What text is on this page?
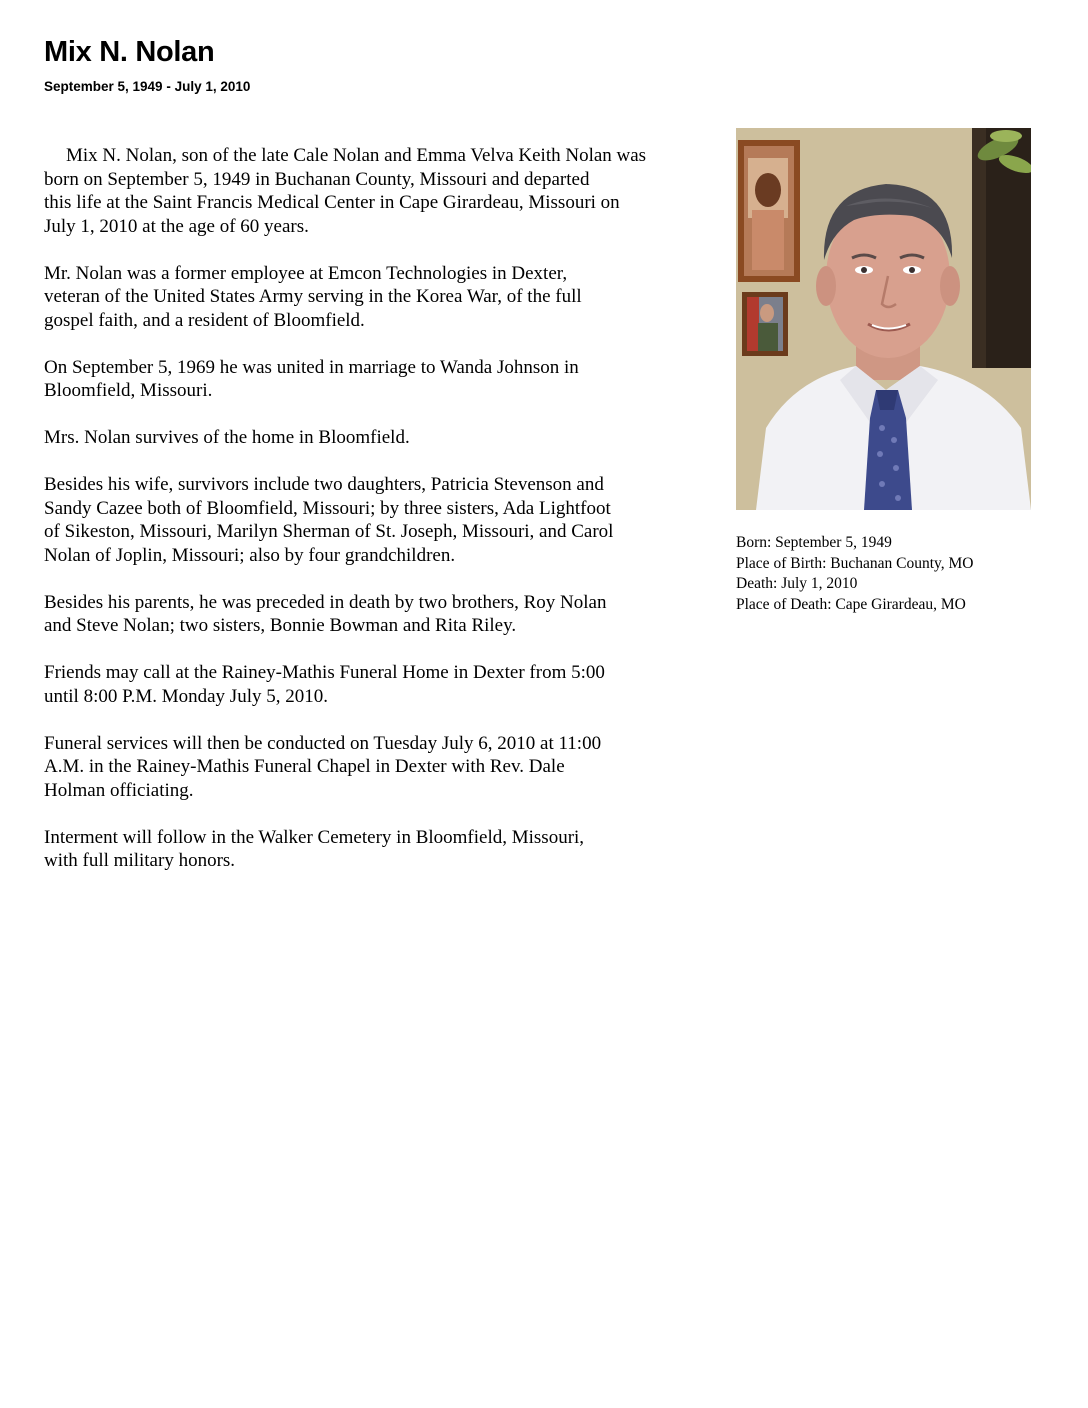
Mix N. Nolan
September 5, 1949 - July 1, 2010

Mix N. Nolan, son of the late Cale Nolan and Emma Velva Keith Nolan was
born on September 5, 1949 in Buchanan County, Missouri and departed
this life at the Saint Francis Medical Center in Cape Girardeau, Missouri on
July 1, 2010 at the age of 60 years.

Mr. Nolan was a former employee at Emcon Technologies in Dexter,
veteran of the United States Army serving in the Korea War, of the full
gospel faith, and a resident of Bloomfield.

On September 5, 1969 he was united in marriage to Wanda Johnson in
Bloomfield, Missouri.

Mrs. Nolan survives of the home in Bloomfield.

Besides his wife, survivors include two daughters, Patricia Stevenson and
Sandy Cazee both of Bloomfield, Missouri; by three sisters, Ada Lightfoot
of Sikeston, Missouri, Marilyn Sherman of St. Joseph, Missouri, and Carol
Nolan of Joplin, Missouri; also by four grandchildren.

Besides his parents, he was preceded in death by two brothers, Roy Nolan
and Steve Nolan; two sisters, Bonnie Bowman and Rita Riley.

Friends may call at the Rainey-Mathis Funeral Home in Dexter from 5:00
until 8:00 P.M. Monday July 5, 2010.

Funeral services will then be conducted on Tuesday July 6, 2010 at 11:00
A.M. in the Rainey-Mathis Funeral Chapel in Dexter with Rev. Dale
Holman officiating.

Interment will follow in the Walker Cemetery in Bloomfield, Missouri,
with full military honors.

Born: September 5, 1949
Place of Birth: Buchanan County, MO
Death: July 1, 2010
Place of Death: Cape Girardeau, MO
